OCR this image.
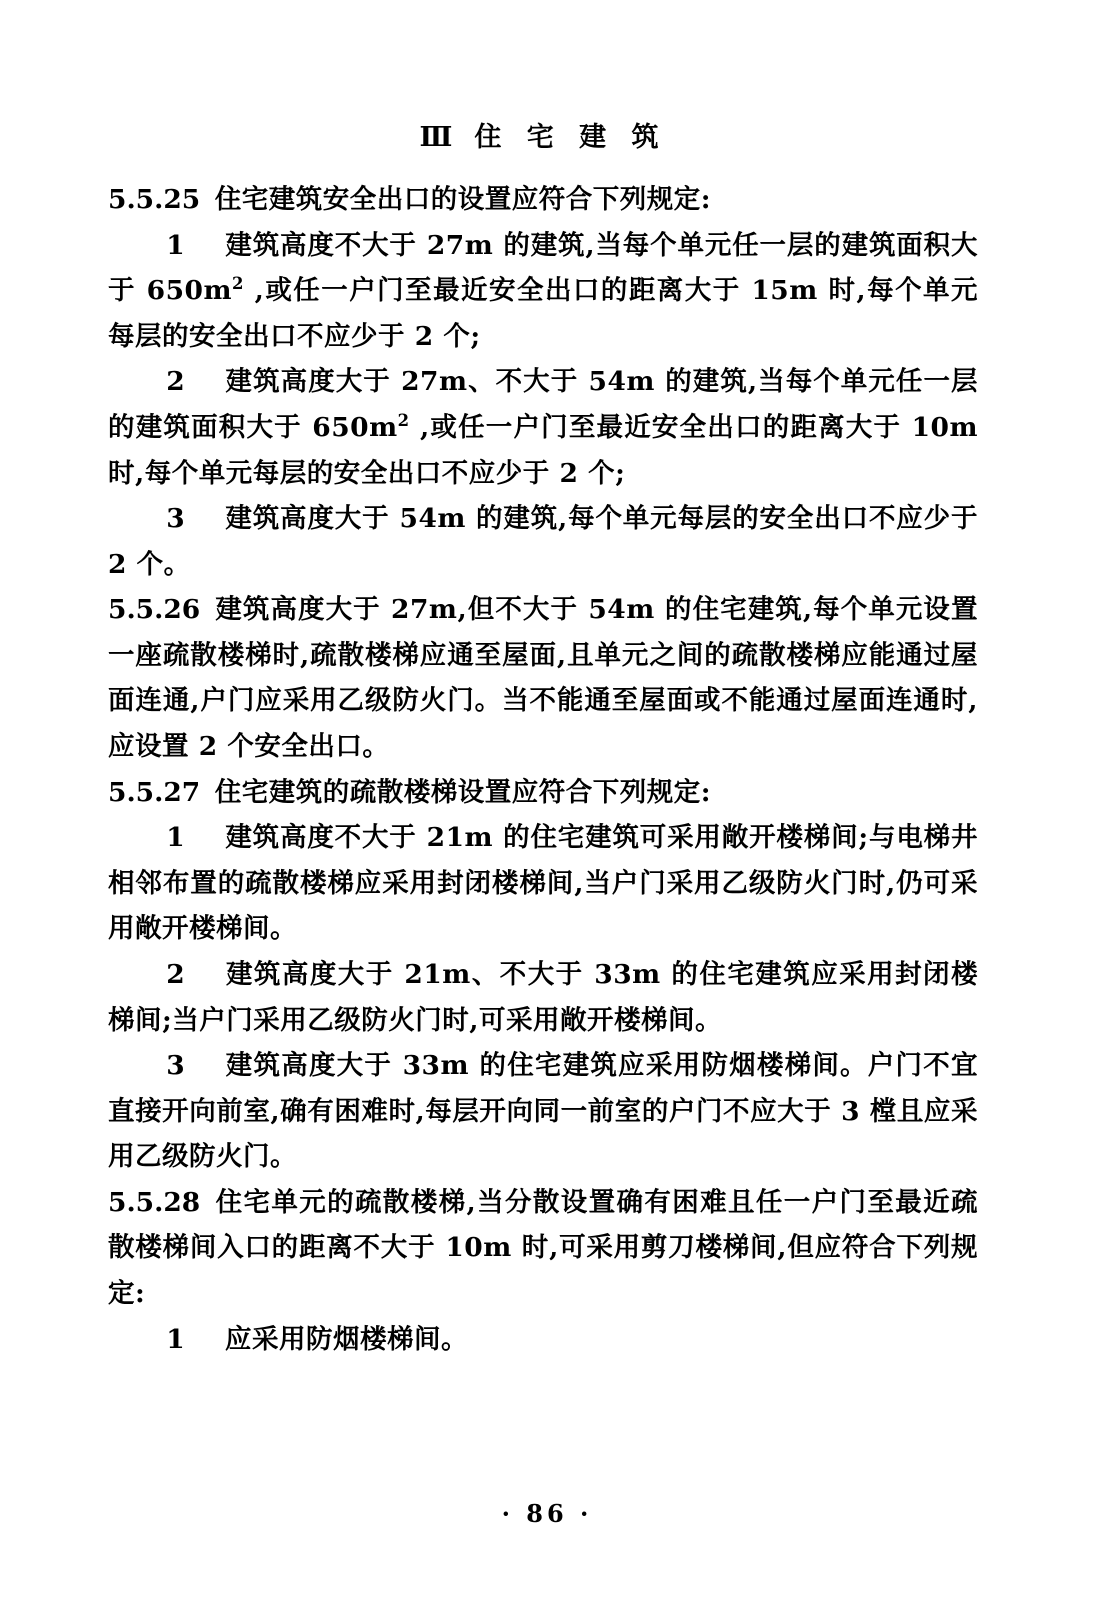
Ⅲ住 宅 建 筑

5.5.25 住宅建筑安全出口的设置应符合下列规定:

1 建筑高度不大于 27m 的建筑,当每个单元任一层的建筑面积大于 $650m^2$ ,或任一户门至最近安全出口的距离大于 15m 时,每个单元每层的安全出口不应少于 2 个;

2 建筑高度大于 27m、不大于 54m 的建筑,当每个单元任一层的建筑面积大于 $650m^2$ ,或任一户门至最近安全出口的距离大于 10m 时,每个单元每层的安全出口不应少于 2 个;

3 建筑高度大于 54m 的建筑,每个单元每层的安全出口不应少于 2 个。

5.5.26 建筑高度大于 27m,但不大于 54m 的住宅建筑,每个单元设置一座疏散楼梯时,疏散楼梯应通至屋面,且单元之间的疏散楼梯应能通过屋面连通,户门应采用乙级防火门。当不能通至屋面或不能通过屋面连通时,应设置 2 个安全出口。

5.5.27 住宅建筑的疏散楼梯设置应符合下列规定:

1 建筑高度不大于 21m 的住宅建筑可采用敞开楼梯间;与电梯井相邻布置的疏散楼梯应采用封闭楼梯间,当户门采用乙级防火门时,仍可采用敞开楼梯间。

2 建筑高度大于 21m、不大于 33m 的住宅建筑应采用封闭楼梯间;当户门采用乙级防火门时,可采用敞开楼梯间。

3 建筑高度大于 33m 的住宅建筑应采用防烟楼梯间。户门不宜直接开向前室,确有困难时,每层开向同一前室的户门不应大于 3 樘且应采用乙级防火门。

5.5.28 住宅单元的疏散楼梯,当分散设置确有困难且任一户门至最近疏散楼梯间入口的距离不大于 10m 时,可采用剪刀楼梯间,但应符合下列规定:

1 应采用防烟楼梯间。

· 86 ·
